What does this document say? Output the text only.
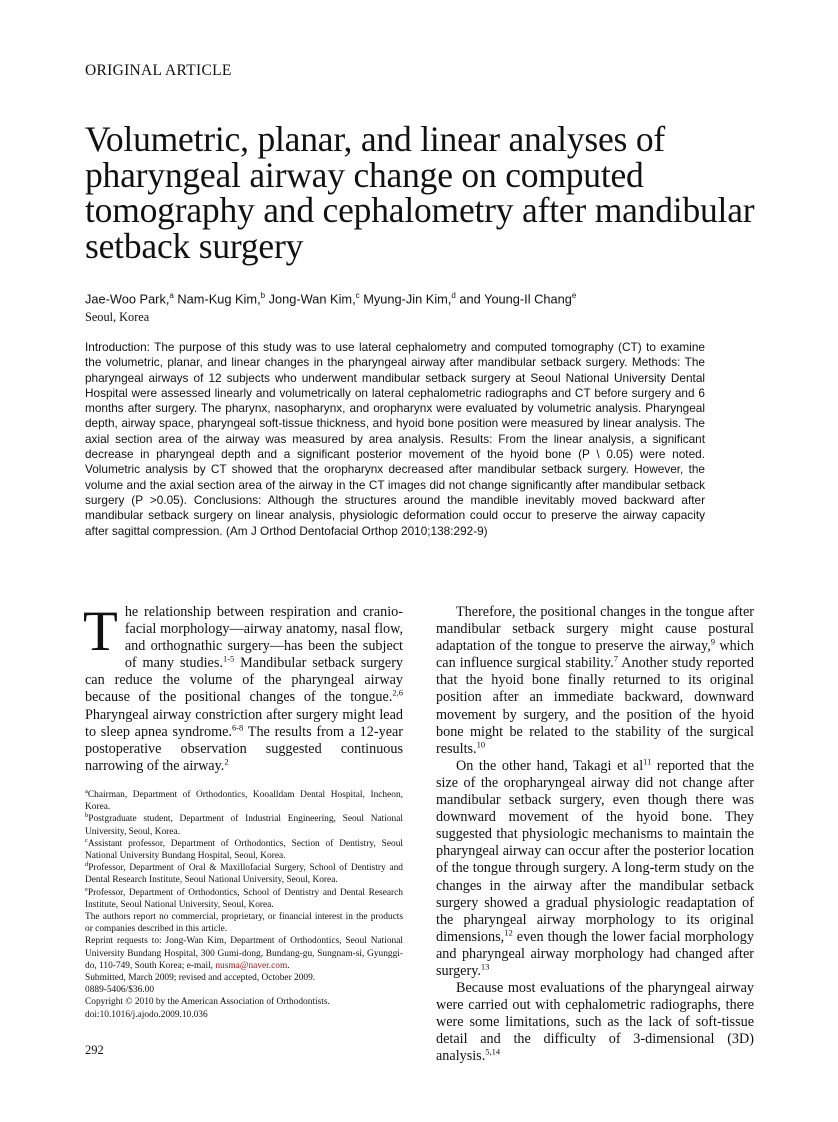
ORIGINAL ARTICLE
Volumetric, planar, and linear analyses of pharyngeal airway change on computed tomography and cephalometry after mandibular setback surgery
Jae-Woo Park,$^a$ Nam-Kug Kim,$^b$ Jong-Wan Kim,$^c$ Myung-Jin Kim,$^d$ and Young-Il Chang$^e$
Seoul, Korea

Introduction: The purpose of this study was to use lateral cephalometry and computed tomography (CT) to examine the volumetric, planar, and linear changes in the pharyngeal airway after mandibular setback surgery. Methods: The pharyngeal airways of 12 subjects who underwent mandibular setback surgery at Seoul National University Dental Hospital were assessed linearly and volumetrically on lateral cephalometric radiographs and CT before surgery and 6 months after surgery. The pharynx, nasopharynx, and oropharynx were evaluated by volumetric analysis. Pharyngeal depth, airway space, pharyngeal soft-tissue thickness, and hyoid bone position were measured by linear analysis. The axial section area of the airway was measured by area analysis. Results: From the linear analysis, a significant decrease in pharyngeal depth and a significant posterior movement of the hyoid bone (P \ 0.05) were noted. Volumetric analysis by CT showed that the oropharynx decreased after mandibular setback surgery. However, the volume and the axial section area of the airway in the CT images did not change significantly after mandibular setback surgery (P >0.05). Conclusions: Although the structures around the mandible inevitably moved backward after mandibular setback surgery on linear analysis, physiologic deformation could occur to preserve the airway capacity after sagittal compression. (Am J Orthod Dentofacial Orthop 2010;138:292-9)

The relationship between respiration and cranio-facial morphology—airway anatomy, nasal flow, and orthognathic surgery—has been the subject of many studies.$^{1-5}$ Mandibular setback surgery can reduce the volume of the pharyngeal airway because of the positional changes of the tongue.$^{2,6}$ Pharyngeal airway constriction after surgery might lead to sleep apnea syndrome.$^{6-8}$ The results from a 12-year postoperative observation suggested continuous narrowing of the airway.$^2$

$^a$Chairman, Department of Orthodontics, Kooalldam Dental Hospital, Incheon, Korea.
$^b$Postgraduate student, Department of Industrial Engineering, Seoul National University, Seoul, Korea.
$^c$Assistant professor, Department of Orthodontics, Section of Dentistry, Seoul National University Bundang Hospital, Seoul, Korea.
$^d$Professor, Department of Oral & Maxillofacial Surgery, School of Dentistry and Dental Research Institute, Seoul National University, Seoul, Korea.
$^e$Professor, Department of Orthodontics, School of Dentistry and Dental Research Institute, Seoul National University, Seoul, Korea.
The authors report no commercial, proprietary, or financial interest in the products or companies described in this article.
Reprint requests to: Jong-Wan Kim, Department of Orthodontics, Seoul National University Bundang Hospital, 300 Gumi-dong, Bundang-gu, Sungnam-si, Gyunggi-do, 110-749, South Korea; e-mail, nusma@naver.com.
Submitted, March 2009; revised and accepted, October 2009.
0889-5406/$36.00
Copyright © 2010 by the American Association of Orthodontists.
doi:10.1016/j.ajodo.2009.10.036

Therefore, the positional changes in the tongue after mandibular setback surgery might cause postural adaptation of the tongue to preserve the airway,$^9$ which can influence surgical stability.$^7$ Another study reported that the hyoid bone finally returned to its original position after an immediate backward, downward movement by surgery, and the position of the hyoid bone might be related to the stability of the surgical results.$^{10}$

On the other hand, Takagi et $al^{11}$ reported that the size of the oropharyngeal airway did not change after mandibular setback surgery, even though there was downward movement of the hyoid bone. They suggested that physiologic mechanisms to maintain the pharyngeal airway can occur after the posterior location of the tongue through surgery. A long-term study on the changes in the airway after the mandibular setback surgery showed a gradual physiologic readaptation of the pharyngeal airway morphology to its original dimensions,$^{12}$ even though the lower facial morphology and pharyngeal airway morphology had changed after surgery.$^{13}$

Because most evaluations of the pharyngeal airway were carried out with cephalometric radiographs, there were some limitations, such as the lack of soft-tissue detail and the difficulty of 3-dimensional (3D) analysis.$^{5,14}$

292
